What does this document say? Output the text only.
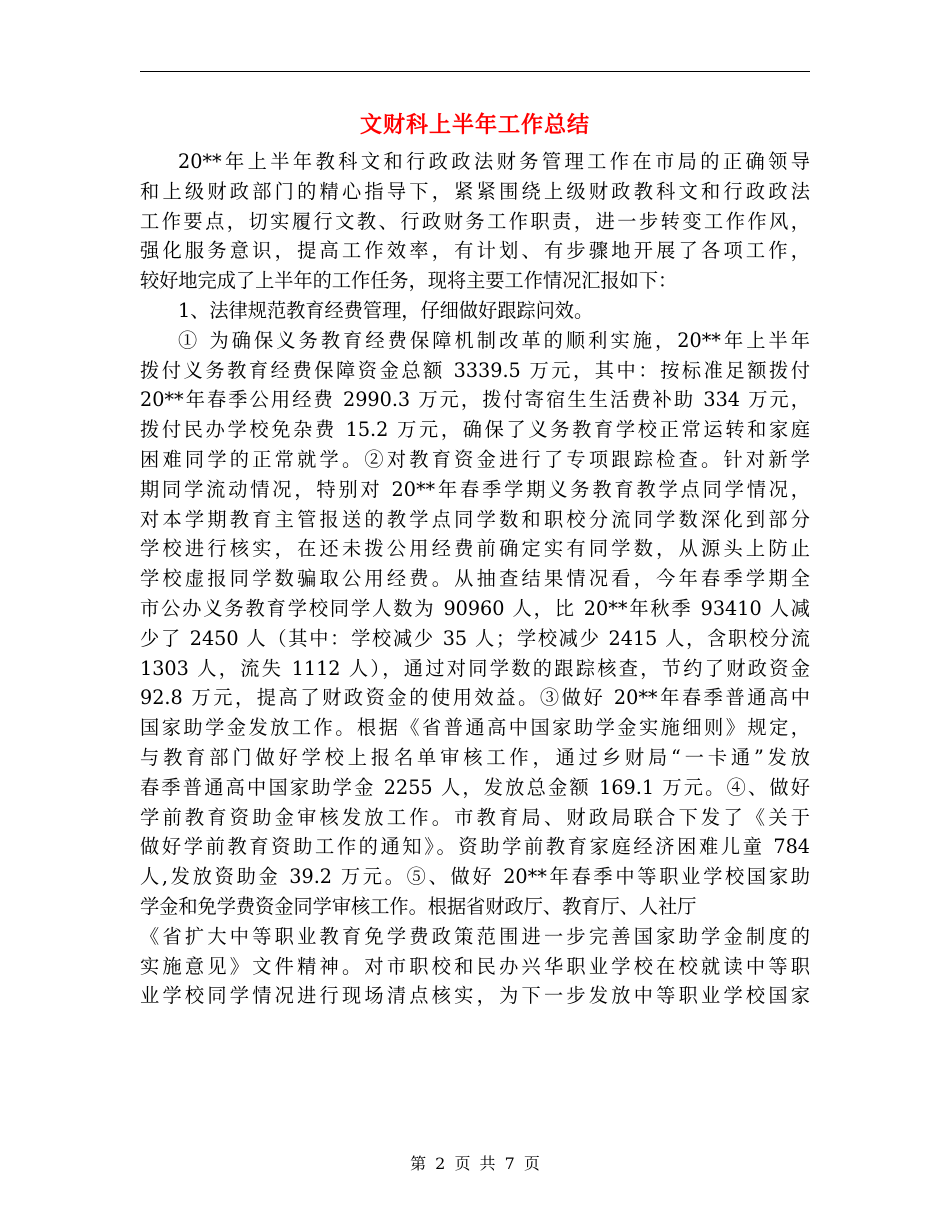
文财科上半年工作总结
20**年上半年教科文和行政政法财务管理工作在市局的正确领导
和上级财政部门的精心指导下，紧紧围绕上级财政教科文和行政政法
工作要点，切实履行文教、行政财务工作职责，进一步转变工作作风，
强化服务意识，提高工作效率，有计划、有步骤地开展了各项工作，
较好地完成了上半年的工作任务，现将主要工作情况汇报如下：
1、法律规范教育经费管理，仔细做好跟踪问效。
① 为确保义务教育经费保障机制改革的顺利实施，20**年上半年
拨付义务教育经费保障资金总额 3339.5 万元，其中：按标准足额拨付
20**年春季公用经费 2990.3 万元，拨付寄宿生生活费补助 334 万元，
拨付民办学校免杂费 15.2 万元，确保了义务教育学校正常运转和家庭
困难同学的正常就学。②对教育资金进行了专项跟踪检查。针对新学
期同学流动情况，特别对 20**年春季学期义务教育教学点同学情况，
对本学期教育主管报送的教学点同学数和职校分流同学数深化到部分
学校进行核实，在还未拨公用经费前确定实有同学数，从源头上防止
学校虚报同学数骗取公用经费。从抽查结果情况看，今年春季学期全
市公办义务教育学校同学人数为 90960 人，比 20**年秋季 93410 人减
少了 2450 人（其中：学校减少 35 人；学校减少 2415 人，含职校分流
1303 人，流失 1112 人），通过对同学数的跟踪核查，节约了财政资金
92.8 万元，提高了财政资金的使用效益。③做好 20**年春季普通高中
国家助学金发放工作。根据《省普通高中国家助学金实施细则》规定，
与教育部门做好学校上报名单审核工作，通过乡财局“一卡通”发放
春季普通高中国家助学金 2255 人，发放总金额 169.1 万元。④、做好
学前教育资助金审核发放工作。市教育局、财政局联合下发了《关于
做好学前教育资助工作的通知》。资助学前教育家庭经济困难儿童 784
人,发放资助金 39.2 万元。⑤、做好 20**年春季中等职业学校国家助
学金和免学费资金同学审核工作。根据省财政厅、教育厅、人社厅
《省扩大中等职业教育免学费政策范围进一步完善国家助学金制度的
实施意见》文件精神。对市职校和民办兴华职业学校在校就读中等职
业学校同学情况进行现场清点核实，为下一步发放中等职业学校国家
第 2 页 共 7 页
